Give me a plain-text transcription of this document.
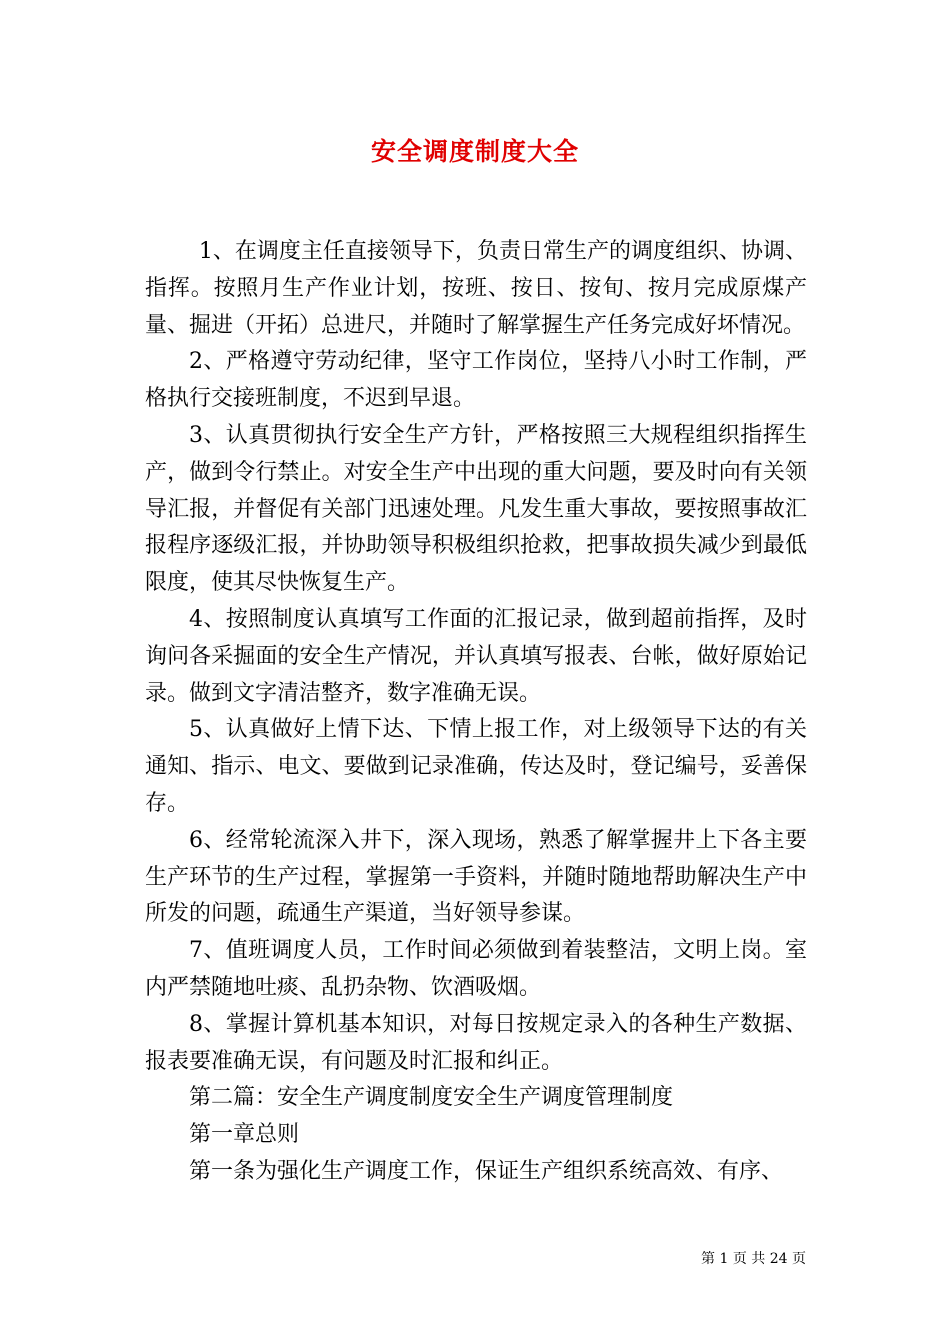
安全调度制度大全

1、在调度主任直接领导下，负责日常生产的调度组织、协调、指挥。按照月生产作业计划，按班、按日、按旬、按月完成原煤产量、掘进（开拓）总进尺，并随时了解掌握生产任务完成好坏情况。

2、严格遵守劳动纪律，坚守工作岗位，坚持八小时工作制，严格执行交接班制度，不迟到早退。

3、认真贯彻执行安全生产方针，严格按照三大规程组织指挥生产，做到令行禁止。对安全生产中出现的重大问题，要及时向有关领导汇报，并督促有关部门迅速处理。凡发生重大事故，要按照事故汇报程序逐级汇报，并协助领导积极组织抢救，把事故损失减少到最低限度，使其尽快恢复生产。

4、按照制度认真填写工作面的汇报记录，做到超前指挥，及时询问各采掘面的安全生产情况，并认真填写报表、台帐，做好原始记录。做到文字清洁整齐，数字准确无误。

5、认真做好上情下达、下情上报工作，对上级领导下达的有关通知、指示、电文、要做到记录准确，传达及时，登记编号，妥善保存。

6、经常轮流深入井下，深入现场，熟悉了解掌握井上下各主要生产环节的生产过程，掌握第一手资料，并随时随地帮助解决生产中所发的问题，疏通生产渠道，当好领导参谋。

7、值班调度人员，工作时间必须做到着装整洁，文明上岗。室内严禁随地吐痰、乱扔杂物、饮酒吸烟。

8、掌握计算机基本知识，对每日按规定录入的各种生产数据、报表要准确无误，有问题及时汇报和纠正。

第二篇：安全生产调度制度安全生产调度管理制度

第一章总则

第一条为强化生产调度工作，保证生产组织系统高效、有序、

第 1 页 共 24 页
